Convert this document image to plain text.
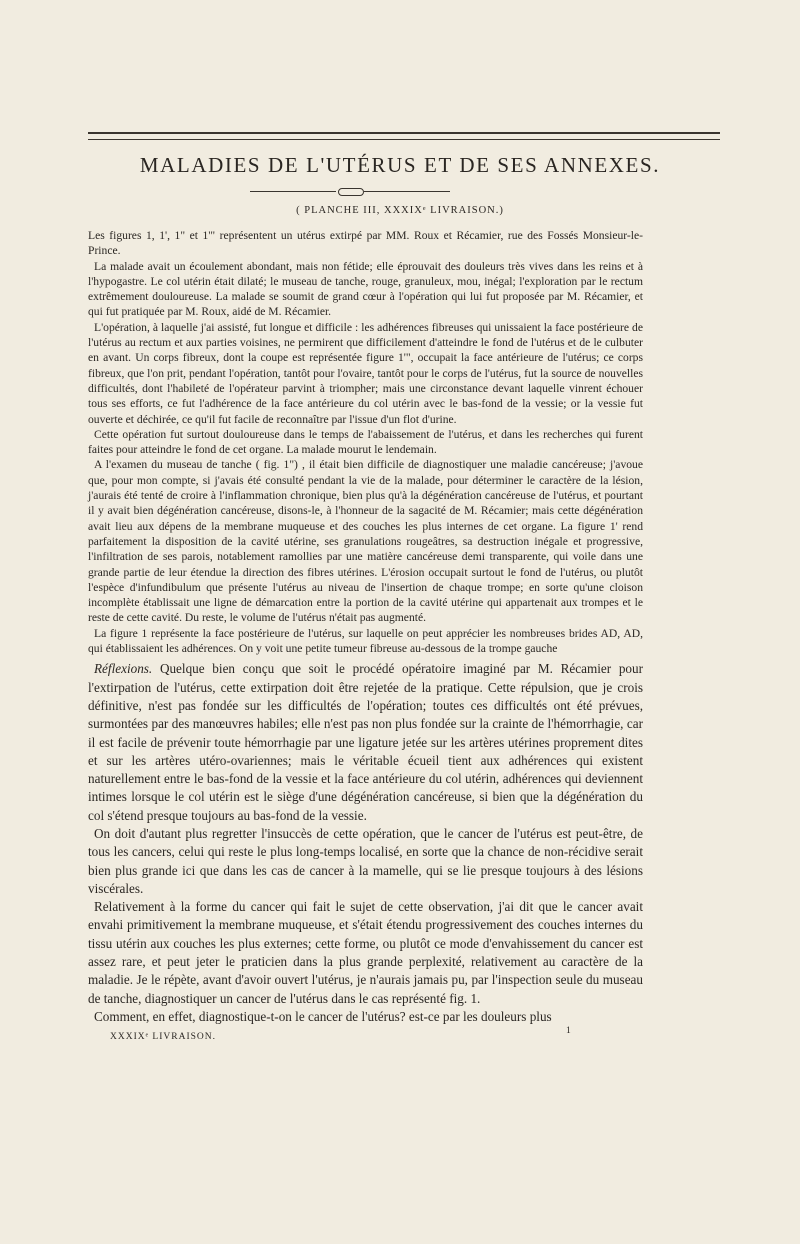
MALADIES DE L'UTÉRUS ET DE SES ANNEXES.
( PLANCHE III, XXXIXᵉ LIVRAISON.)

Les figures 1, 1', 1" et 1'" représentent un utérus extirpé par MM. Roux et Récamier, rue des Fossés Monsieur-le-Prince.

La malade avait un écoulement abondant, mais non fétide; elle éprouvait des douleurs très vives dans les reins et à l'hypogastre. Le col utérin était dilaté; le museau de tanche, rouge, granuleux, mou, inégal; l'exploration par le rectum extrêmement douloureuse. La malade se soumit de grand cœur à l'opération qui lui fut proposée par M. Récamier, et qui fut pratiquée par M. Roux, aidé de M. Récamier.

L'opération, à laquelle j'ai assisté, fut longue et difficile : les adhérences fibreuses qui unissaient la face postérieure de l'utérus au rectum et aux parties voisines, ne permirent que difficilement d'atteindre le fond de l'utérus et de le culbuter en avant. Un corps fibreux, dont la coupe est représentée figure 1'", occupait la face antérieure de l'utérus; ce corps fibreux, que l'on prit, pendant l'opération, tantôt pour l'ovaire, tantôt pour le corps de l'utérus, fut la source de nouvelles difficultés, dont l'habileté de l'opérateur parvint à triompher; mais une circonstance devant laquelle vinrent échouer tous ses efforts, ce fut l'adhérence de la face antérieure du col utérin avec le bas-fond de la vessie; or la vessie fut ouverte et déchirée, ce qu'il fut facile de reconnaître par l'issue d'un flot d'urine.

Cette opération fut surtout douloureuse dans le temps de l'abaissement de l'utérus, et dans les recherches qui furent faites pour atteindre le fond de cet organe. La malade mourut le lendemain.

A l'examen du museau de tanche ( fig. 1") , il était bien difficile de diagnostiquer une maladie cancéreuse; j'avoue que, pour mon compte, si j'avais été consulté pendant la vie de la malade, pour déterminer le caractère de la lésion, j'aurais été tenté de croire à l'inflammation chronique, bien plus qu'à la dégénération cancéreuse de l'utérus, et pourtant il y avait bien dégénération cancéreuse, disons-le, à l'honneur de la sagacité de M. Récamier; mais cette dégénération avait lieu aux dépens de la membrane muqueuse et des couches les plus internes de cet organe. La figure 1' rend parfaitement la disposition de la cavité utérine, ses granulations rougeâtres, sa destruction inégale et progressive, l'infiltration de ses parois, notablement ramollies par une matière cancéreuse demi transparente, qui voile dans une grande partie de leur étendue la direction des fibres utérines. L'érosion occupait surtout le fond de l'utérus, ou plutôt l'espèce d'infundibulum que présente l'utérus au niveau de l'insertion de chaque trompe; en sorte qu'une cloison incomplète établissait une ligne de démarcation entre la portion de la cavité utérine qui appartenait aux trompes et le reste de cette cavité. Du reste, le volume de l'utérus n'était pas augmenté.

La figure 1 représente la face postérieure de l'utérus, sur laquelle on peut apprécier les nombreuses brides AD, AD, qui établissaient les adhérences. On y voit une petite tumeur fibreuse au-dessous de la trompe gauche

Réflexions. Quelque bien conçu que soit le procédé opératoire imaginé par M. Récamier pour l'extirpation de l'utérus, cette extirpation doit être rejetée de la pratique. Cette répulsion, que je crois définitive, n'est pas fondée sur les difficultés de l'opération; toutes ces difficultés ont été prévues, surmontées par des manœuvres habiles; elle n'est pas non plus fondée sur la crainte de l'hémorrhagie, car il est facile de prévenir toute hémorrhagie par une ligature jetée sur les artères utérines proprement dites et sur les artères utéro-ovariennes; mais le véritable écueil tient aux adhérences qui existent naturellement entre le bas-fond de la vessie et la face antérieure du col utérin, adhérences qui deviennent intimes lorsque le col utérin est le siège d'une dégénération cancéreuse, si bien que la dégénération du col s'étend presque toujours au bas-fond de la vessie.

On doit d'autant plus regretter l'insuccès de cette opération, que le cancer de l'utérus est peut-être, de tous les cancers, celui qui reste le plus long-temps localisé, en sorte que la chance de non-récidive serait bien plus grande ici que dans les cas de cancer à la mamelle, qui se lie presque toujours à des lésions viscérales.

Relativement à la forme du cancer qui fait le sujet de cette observation, j'ai dit que le cancer avait envahi primitivement la membrane muqueuse, et s'était étendu progressivement des couches internes du tissu utérin aux couches les plus externes; cette forme, ou plutôt ce mode d'envahissement du cancer est assez rare, et peut jeter le praticien dans la plus grande perplexité, relativement au caractère de la maladie. Je le répète, avant d'avoir ouvert l'utérus, je n'aurais jamais pu, par l'inspection seule du museau de tanche, diagnostiquer un cancer de l'utérus dans le cas représenté fig. 1.

Comment, en effet, diagnostique-t-on le cancer de l'utérus? est-ce par les douleurs plus

XXXIXᵉ LIVRAISON.
1
